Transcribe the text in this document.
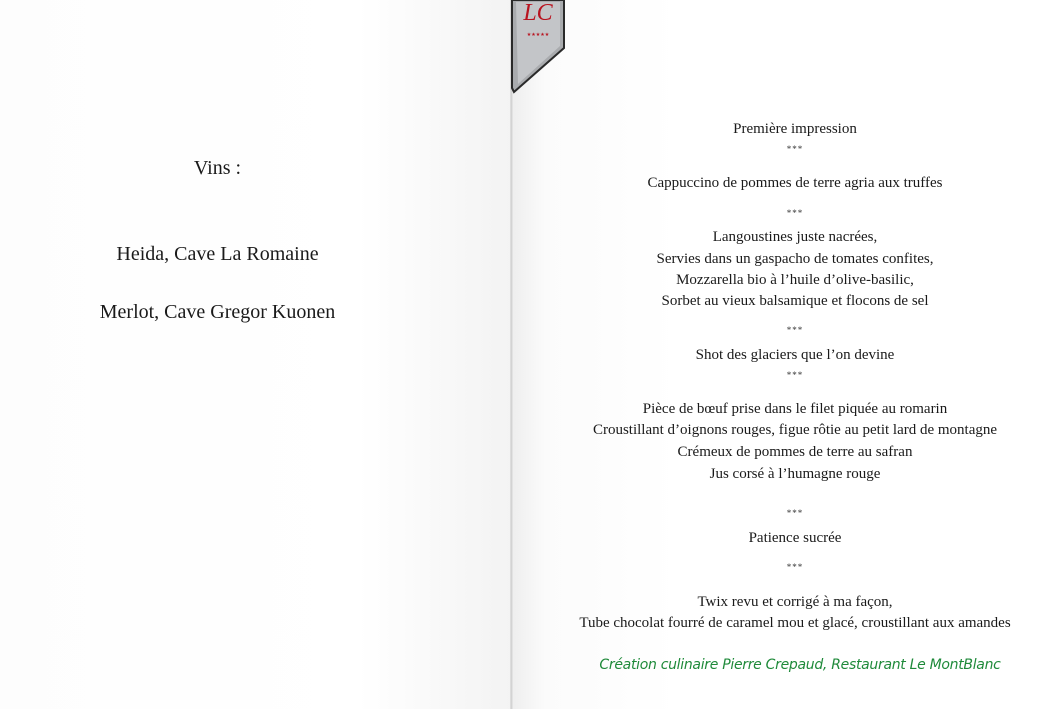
LC
★★★★★
Vins :
Heida, Cave La Romaine
Merlot, Cave Gregor Kuonen
Première impression
***
Cappuccino de pommes de terre agria aux truffes
***
Langoustines juste nacrées,
Servies dans un gaspacho de tomates confites,
Mozzarella bio à l’huile d’olive-basilic,
Sorbet au vieux balsamique et flocons de sel
***
Shot des glaciers que l’on devine
***
Pièce de bœuf prise dans le filet piquée au romarin
Croustillant d’oignons rouges, figue rôtie au petit lard de montagne
Crémeux de pommes de terre au safran
Jus corsé à l’humagne rouge
***
Patience sucrée
***
Twix revu et corrigé à ma façon,
Tube chocolat fourré de caramel mou et glacé, croustillant aux amandes
Création culinaire Pierre Crepaud, Restaurant Le MontBlanc
